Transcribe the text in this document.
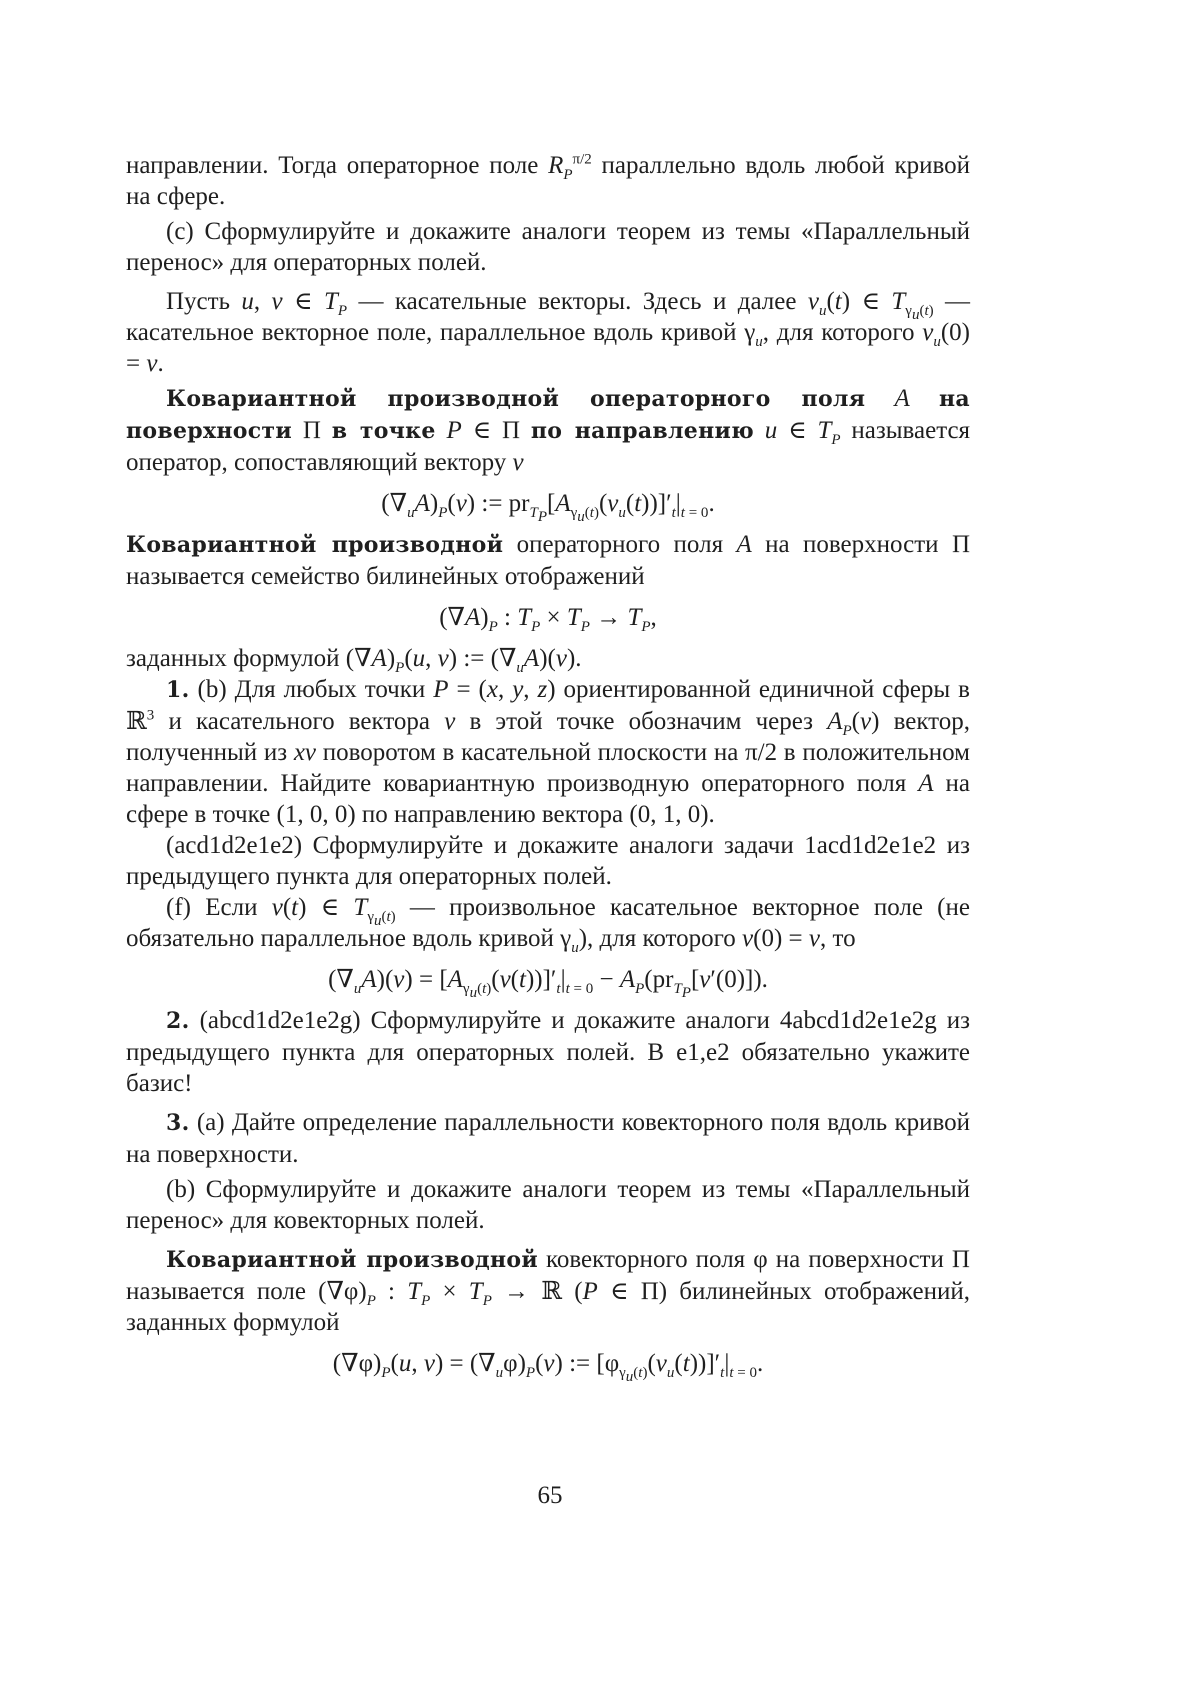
направлении. Тогда операторное поле $R_P^{\pi/2}$ параллельно вдоль любой кривой на сфере.

(c) Сформулируйте и докажите аналоги теорем из темы «Параллельный перенос» для операторных полей.

Пусть u, v ∈ $T_P$ — касательные векторы. Здесь и далее $v_u(t)$ ∈ $T_{\gamma_u(t)}$ — касательное векторное поле, параллельное вдоль кривой $\gamma_u$, для которого $v_u(0) = v$.

Ковариантной производной операторного поля A на поверхности Π в точке P ∈ Π по направлению u ∈ $T_P$ называется оператор, сопоставляющий вектору v

$(\nabla_uA)_P(v)$ := $pr_{T_P}[A_{\gamma_u(t)}(v_u(t))]'_t|_{t = 0}$.

Ковариантной производной операторного поля A на поверхности Π называется семейство билинейных отображений

$(\nabla A)_P$ : $T_P \times T_P \to T_P$,

заданных формулой $(\nabla A)_P(u$, v) := $(\nabla_uA)(v)$.

1. (b) Для любых точки P = (x, y, z) ориентированной единичной сферы в ℝ$^3$ и касательного вектора v в этой точке обозначим через $A_P(v)$ вектор, полученный из xv поворотом в касательной плоскости на π/2 в положительном направлении. Найдите ковариантную производную операторного поля A на сфере в точке (1, 0, 0) по направлению вектора (0, 1, 0).

(acd1d2e1e2) Сформулируйте и докажите аналоги задачи 1acd1d2e1e2 из предыдущего пункта для операторных полей.

(f) Если v(t) ∈ $T_{\gamma_u(t)}$ — произвольное касательное векторное поле (не обязательно параллельное вдоль кривой $\gamma_u$), для которого v(0) = v, то

$(\nabla_uA)(v) = [A_{\gamma_u(t)}(v(t))]'_t|_{t = 0} - A_P(pr_{T_P}[v'(0)])$.

2. (abcd1d2e1e2g) Сформулируйте и докажите аналоги 4abcd1d2e1e2g из предыдущего пункта для операторных полей. В e1,e2 обязательно укажите базис!

3. (a) Дайте определение параллельности ковекторного поля вдоль кривой на поверхности.

(b) Сформулируйте и докажите аналоги теорем из темы «Параллельный перенос» для ковекторных полей.

Ковариантной производной ковекторного поля φ на поверхности Π называется поле $(\nabla\varphi)_P$ : $T_P \times T_P$ → ℝ (P ∈ Π) билинейных отображений, заданных формулой

$(\nabla\varphi)_P(u$, $v) = (\nabla_u\varphi)_P(v)$ := $[\varphi_{\gamma_u(t)}(v_u(t))]'_t|_{t = 0}$.
65
